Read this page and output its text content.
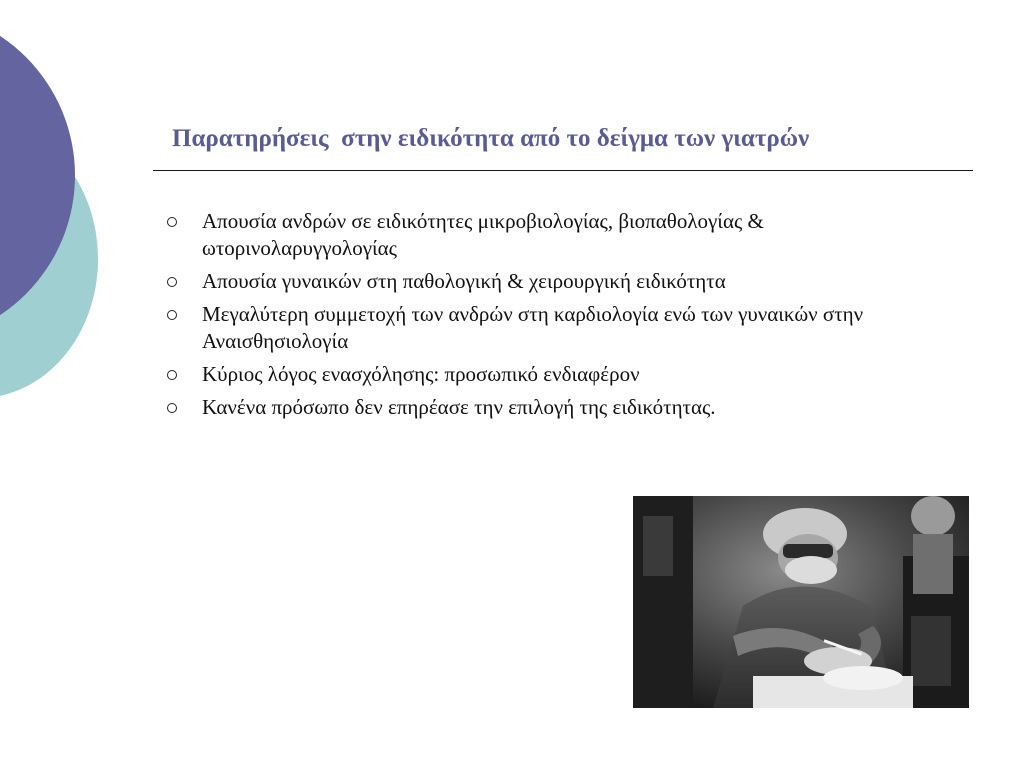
Παρατηρήσεις  στην ειδικότητα από το δείγμα των γιατρών
Απουσία ανδρών σε ειδικότητες μικροβιολογίας, βιοπαθολογίας & ωτορινολαρυγγολογίας
Απουσία γυναικών στη παθολογική & χειρουργική ειδικότητα
Μεγαλύτερη συμμετοχή των ανδρών στη καρδιολογία ενώ των γυναικών στην Αναισθησιολογία
Κύριος λόγος ενασχόλησης: προσωπικό ενδιαφέρον
Κανένα πρόσωπο δεν επηρέασε την επιλογή της ειδικότητας.
